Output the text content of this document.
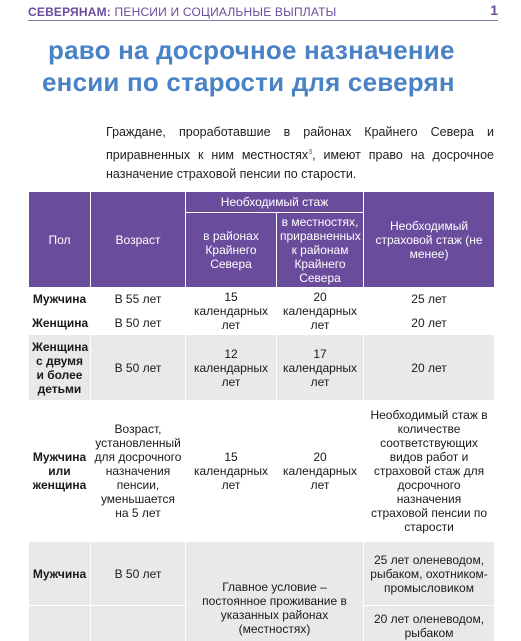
СЕВЕРЯНАМ: ПЕНСИИ И СОЦИАЛЬНЫЕ ВЫПЛАТЫ	1
раво на досрочное назначение
енсии по старости для северян
Граждане, проработавшие в районах Крайнего Севера и приравненных к ним местностях$^3$, имеют право на досрочное назначение страховой пенсии по старости.
Пол	Возраст	Необходимый стаж		Необходимый страховой стаж (не менее)
		в районах Крайнего Севера	в местностях, приравненных к районам Крайнего Севера	
Мужчина	В 55 лет	15 календарных лет	20 календарных лет	25 лет
Женщина	В 50 лет			20 лет
Женщина с двумя и более детьми	В 50 лет	12 календарных лет	17 календарных лет	20 лет
Мужчина или женщина	Возраст, установленный для досрочного назначения пенсии, уменьшается на 5 лет	15 календарных лет	20 календарных лет	Необходимый стаж в количестве соответствующих видов работ и страховой стаж для досрочного назначения страховой пенсии по старости
Мужчина	В 50 лет	Главное условие – постоянное проживание в указанных районах (местностях)		25 лет оленеводом, рыбаком, охотником-промысловиком
				20 лет оленеводом, рыбаком
